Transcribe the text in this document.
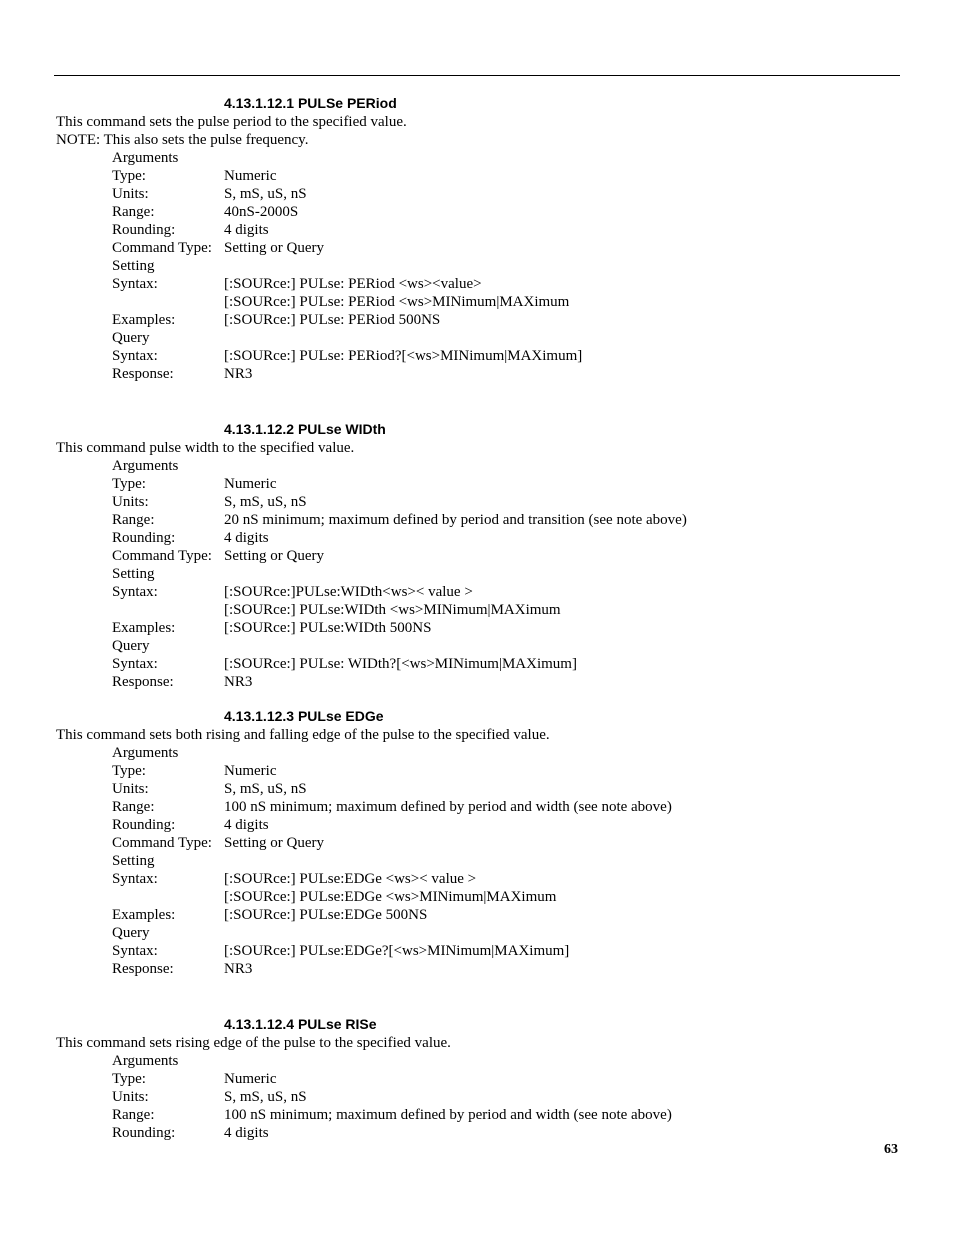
4.13.1.12.1 PULSe PERiod
This command sets the pulse period to the specified value.
NOTE: This also sets the pulse frequency.
Arguments
Type:	Numeric
Units:	S, mS, uS, nS
Range:	40nS-2000S
Rounding:	4 digits
Command Type: Setting or Query
Setting
Syntax:	[:SOURce:] PULse: PERiod <ws><value>
[:SOURce:] PULse: PERiod <ws>MINimum|MAXimum
Examples:	[:SOURce:] PULse: PERiod 500NS
Query
Syntax:	[:SOURce:] PULse: PERiod?[<ws>MINimum|MAXimum]
Response:	NR3
4.13.1.12.2 PULse WIDth
This command pulse width to the specified value.
Arguments
Type:	Numeric
Units:	S, mS, uS, nS
Range:	20 nS minimum; maximum defined by period and transition (see note above)
Rounding:	4 digits
Command Type: Setting or Query
Setting
Syntax:	[:SOURce:]PULse:WIDth<ws>< value >
[:SOURce:] PULse:WIDth <ws>MINimum|MAXimum
Examples:	[:SOURce:] PULse:WIDth 500NS
Query
Syntax:	[:SOURce:] PULse: WIDth?[<ws>MINimum|MAXimum]
Response:	NR3
4.13.1.12.3 PULse EDGe
This command sets both rising and falling edge of the pulse to the specified value.
Arguments
Type:	Numeric
Units:	S, mS, uS, nS
Range:	100 nS minimum; maximum defined by period and width (see note above)
Rounding:	4 digits
Command Type: Setting or Query
Setting
Syntax:	[:SOURce:] PULse:EDGe <ws>< value >
[:SOURce:] PULse:EDGe <ws>MINimum|MAXimum
Examples:	[:SOURce:] PULse:EDGe 500NS
Query
Syntax:	[:SOURce:] PULse:EDGe?[<ws>MINimum|MAXimum]
Response:	NR3
4.13.1.12.4 PULse RISe
This command sets rising edge of the pulse to the specified value.
Arguments
Type:	Numeric
Units:	S, mS, uS, nS
Range:	100 nS minimum; maximum defined by period and width (see note above)
Rounding:	4 digits
63
